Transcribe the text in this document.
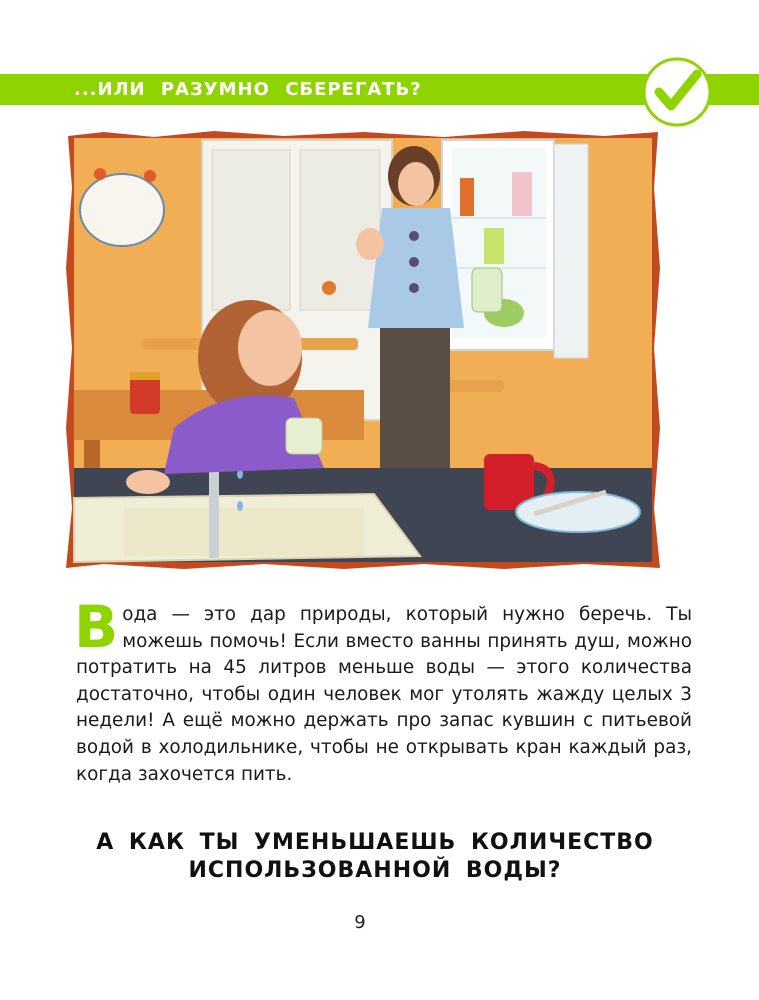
...ИЛИ РАЗУМНО СБЕРЕГАТЬ?
Вода — это дар природы, который нужно беречь. Ты можешь помочь! Если вместо ванны принять душ, можно потратить на 45 литров меньше воды — этого количества достаточно, чтобы один человек мог утолять жажду целых 3 недели! А ещё можно держать про запас кувшин с питьевой водой в холодильнике, чтобы не открывать кран каждый раз, когда захочется пить.
А КАК ТЫ УМЕНЬШАЕШЬ КОЛИЧЕСТВО
ИСПОЛЬЗОВАННОЙ ВОДЫ?
9
